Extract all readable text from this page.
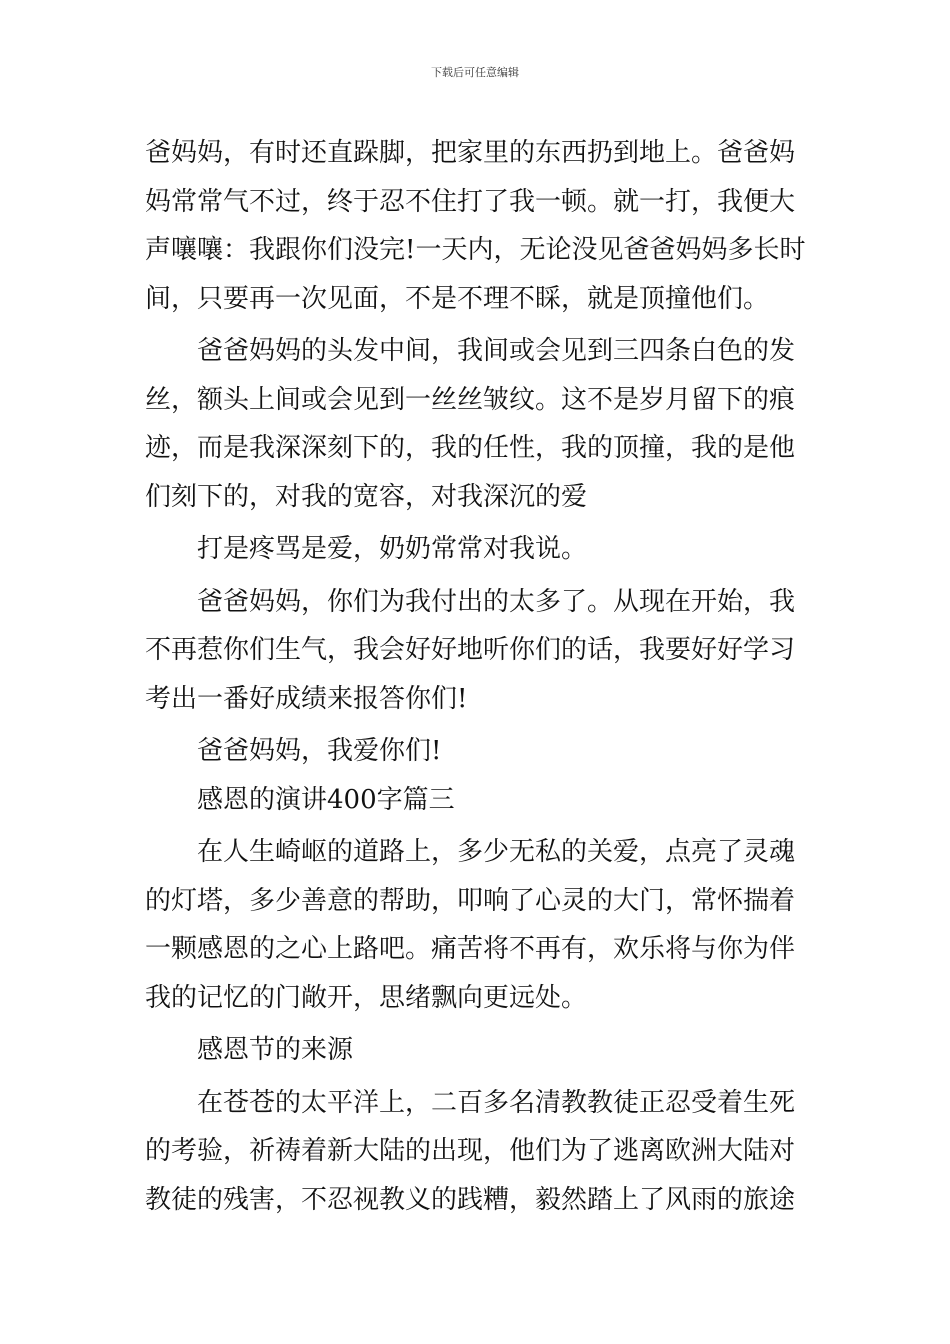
下载后可任意编辑
爸妈妈，有时还直跺脚，把家里的东西扔到地上。爸爸妈
妈常常气不过，终于忍不住打了我一顿。就一打，我便大
声嚷嚷：我跟你们没完!一天内，无论没见爸爸妈妈多长时
间，只要再一次见面，不是不理不睬，就是顶撞他们。
爸爸妈妈的头发中间，我间或会见到三四条白色的发
丝，额头上间或会见到一丝丝皱纹。这不是岁月留下的痕
迹，而是我深深刻下的，我的任性，我的顶撞，我的是他
们刻下的，对我的宽容，对我深沉的爱
打是疼骂是爱，奶奶常常对我说。
爸爸妈妈，你们为我付出的太多了。从现在开始，我
不再惹你们生气，我会好好地听你们的话，我要好好学习
考出一番好成绩来报答你们!
爸爸妈妈，我爱你们!
感恩的演讲400字篇三
在人生崎岖的道路上，多少无私的关爱，点亮了灵魂
的灯塔，多少善意的帮助，叩响了心灵的大门，常怀揣着
一颗感恩的之心上路吧。痛苦将不再有，欢乐将与你为伴
我的记忆的门敞开，思绪飘向更远处。
感恩节的来源
在苍苍的太平洋上，二百多名清教教徒正忍受着生死
的考验，祈祷着新大陆的出现，他们为了逃离欧洲大陆对
教徒的残害，不忍视教义的践糟，毅然踏上了风雨的旅途
